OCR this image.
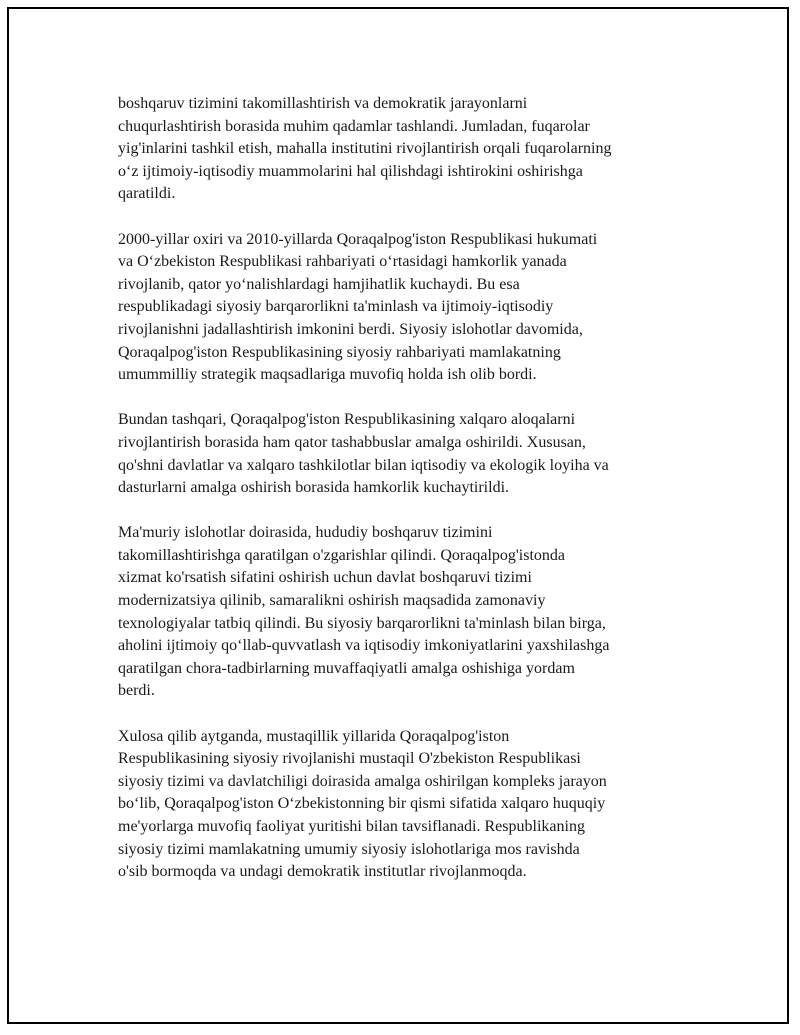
boshqaruv tizimini takomillashtirish va demokratik jarayonlarni
chuqurlashtirish borasida muhim qadamlar tashlandi. Jumladan, fuqarolar
yig'inlarini tashkil etish, mahalla institutini rivojlantirish orqali fuqarolarning
o‘z ijtimoiy-iqtisodiy muammolarini hal qilishdagi ishtirokini oshirishga
qaratildi.

2000-yillar oxiri va 2010-yillarda Qoraqalpog'iston Respublikasi hukumati
va O‘zbekiston Respublikasi rahbariyati o‘rtasidagi hamkorlik yanada
rivojlanib, qator yo‘nalishlardagi hamjihatlik kuchaydi. Bu esa
respublikadagi siyosiy barqarorlikni ta'minlash va ijtimoiy-iqtisodiy
rivojlanishni jadallashtirish imkonini berdi. Siyosiy islohotlar davomida,
Qoraqalpog'iston Respublikasining siyosiy rahbariyati mamlakatning
umummilliy strategik maqsadlariga muvofiq holda ish olib bordi.

Bundan tashqari, Qoraqalpog'iston Respublikasining xalqaro aloqalarni
rivojlantirish borasida ham qator tashabbuslar amalga oshirildi. Xususan,
qo'shni davlatlar va xalqaro tashkilotlar bilan iqtisodiy va ekologik loyiha va
dasturlarni amalga oshirish borasida hamkorlik kuchaytirildi.

Ma'muriy islohotlar doirasida, hududiy boshqaruv tizimini
takomillashtirishga qaratilgan o'zgarishlar qilindi. Qoraqalpog'istonda
xizmat ko'rsatish sifatini oshirish uchun davlat boshqaruvi tizimi
modernizatsiya qilinib, samaralikni oshirish maqsadida zamonaviy
texnologiyalar tatbiq qilindi. Bu siyosiy barqarorlikni ta'minlash bilan birga,
aholini ijtimoiy qo‘llab-quvvatlash va iqtisodiy imkoniyatlarini yaxshilashga
qaratilgan chora-tadbirlarning muvaffaqiyatli amalga oshishiga yordam
berdi.

Xulosa qilib aytganda, mustaqillik yillarida Qoraqalpog'iston
Respublikasining siyosiy rivojlanishi mustaqil O'zbekiston Respublikasi
siyosiy tizimi va davlatchiligi doirasida amalga oshirilgan kompleks jarayon
bo‘lib, Qoraqalpog'iston O‘zbekistonning bir qismi sifatida xalqaro huquqiy
me'yorlarga muvofiq faoliyat yuritishi bilan tavsiflanadi. Respublikaning
siyosiy tizimi mamlakatning umumiy siyosiy islohotlariga mos ravishda
o'sib bormoqda va undagi demokratik institutlar rivojlanmoqda.
